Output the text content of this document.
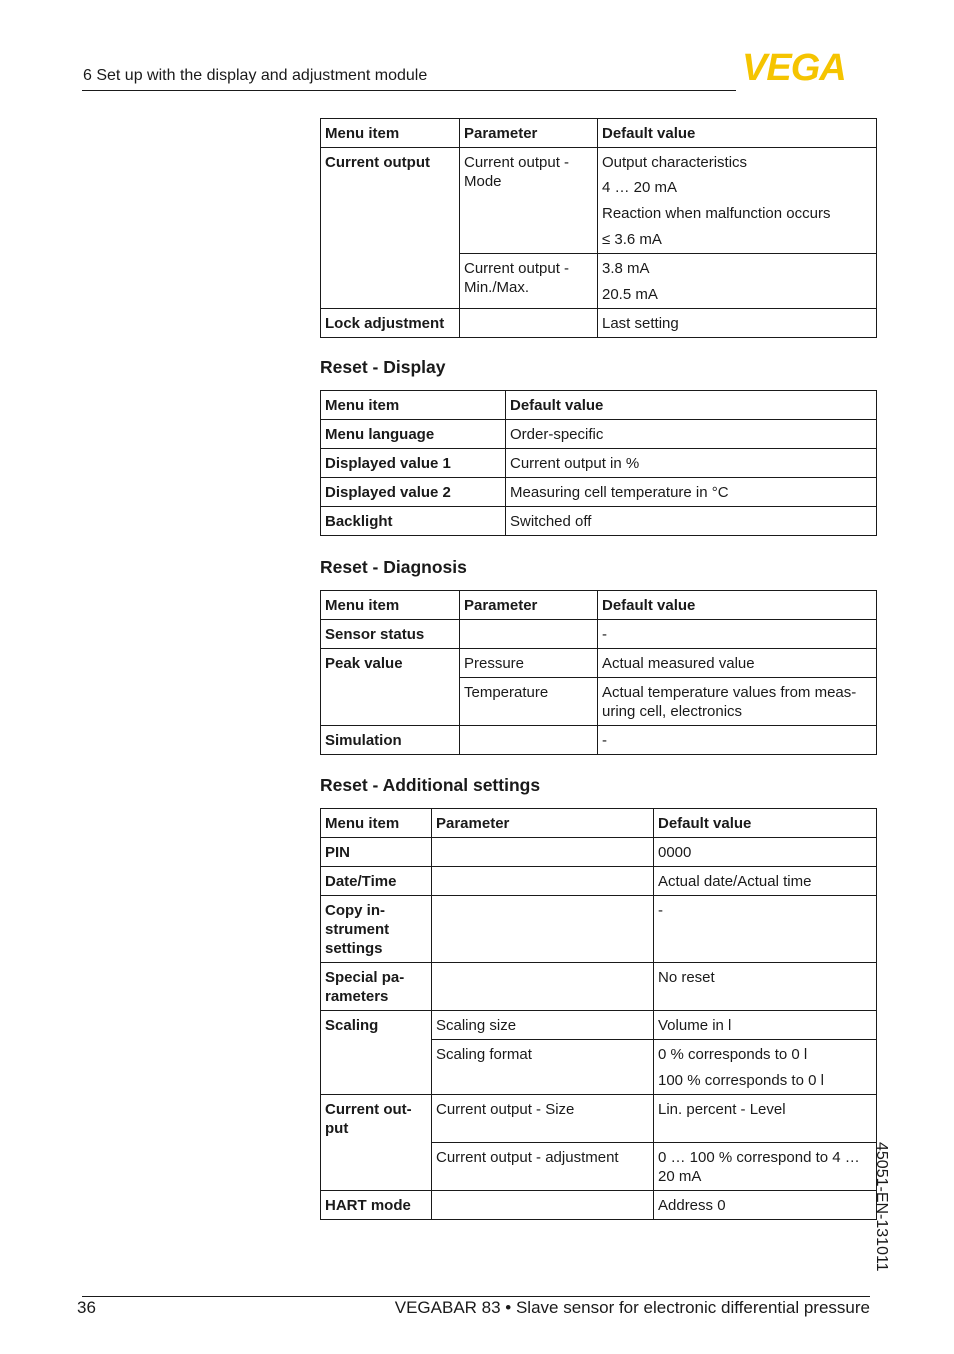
6 Set up with the display and adjustment module	VEGA
Menu item	Parameter	Default value
Current output	Current output - Mode	Output characteristics
4 … 20 mA
Reaction when malfunction occurs
≤ 3.6 mA

	Current output - Min./Max.	3.8 mA
20.5 mA

Lock adjustment		Last setting
Reset - Display
Menu item	Default value
Menu language	Order-specific
Displayed value 1	Current output in %
Displayed value 2	Measuring cell temperature in °C
Backlight	Switched off
Reset - Diagnosis
Menu item	Parameter	Default value
Sensor status		-
Peak value	Pressure	Actual measured value
	Temperature	Actual temperature values from meas-uring cell, electronics
Simulation		-
Reset - Additional settings
Menu item	Parameter	Default value
PIN		0000
Date/Time		Actual date/Actual time
Copy in-strument settings		-
Special pa-rameters		No reset
Scaling	Scaling size	Volume in l
	Scaling format	0 % corresponds to 0 l
100 % corresponds to 0 l

Current out-put	Current output - Size	Lin. percent - Level
	Current output - adjustment	0 … 100 % correspond to 4 … 20 mA
HART mode		Address 0	45051-EN-131011
36	VEGABAR 83 • Slave sensor for electronic differential pressure
